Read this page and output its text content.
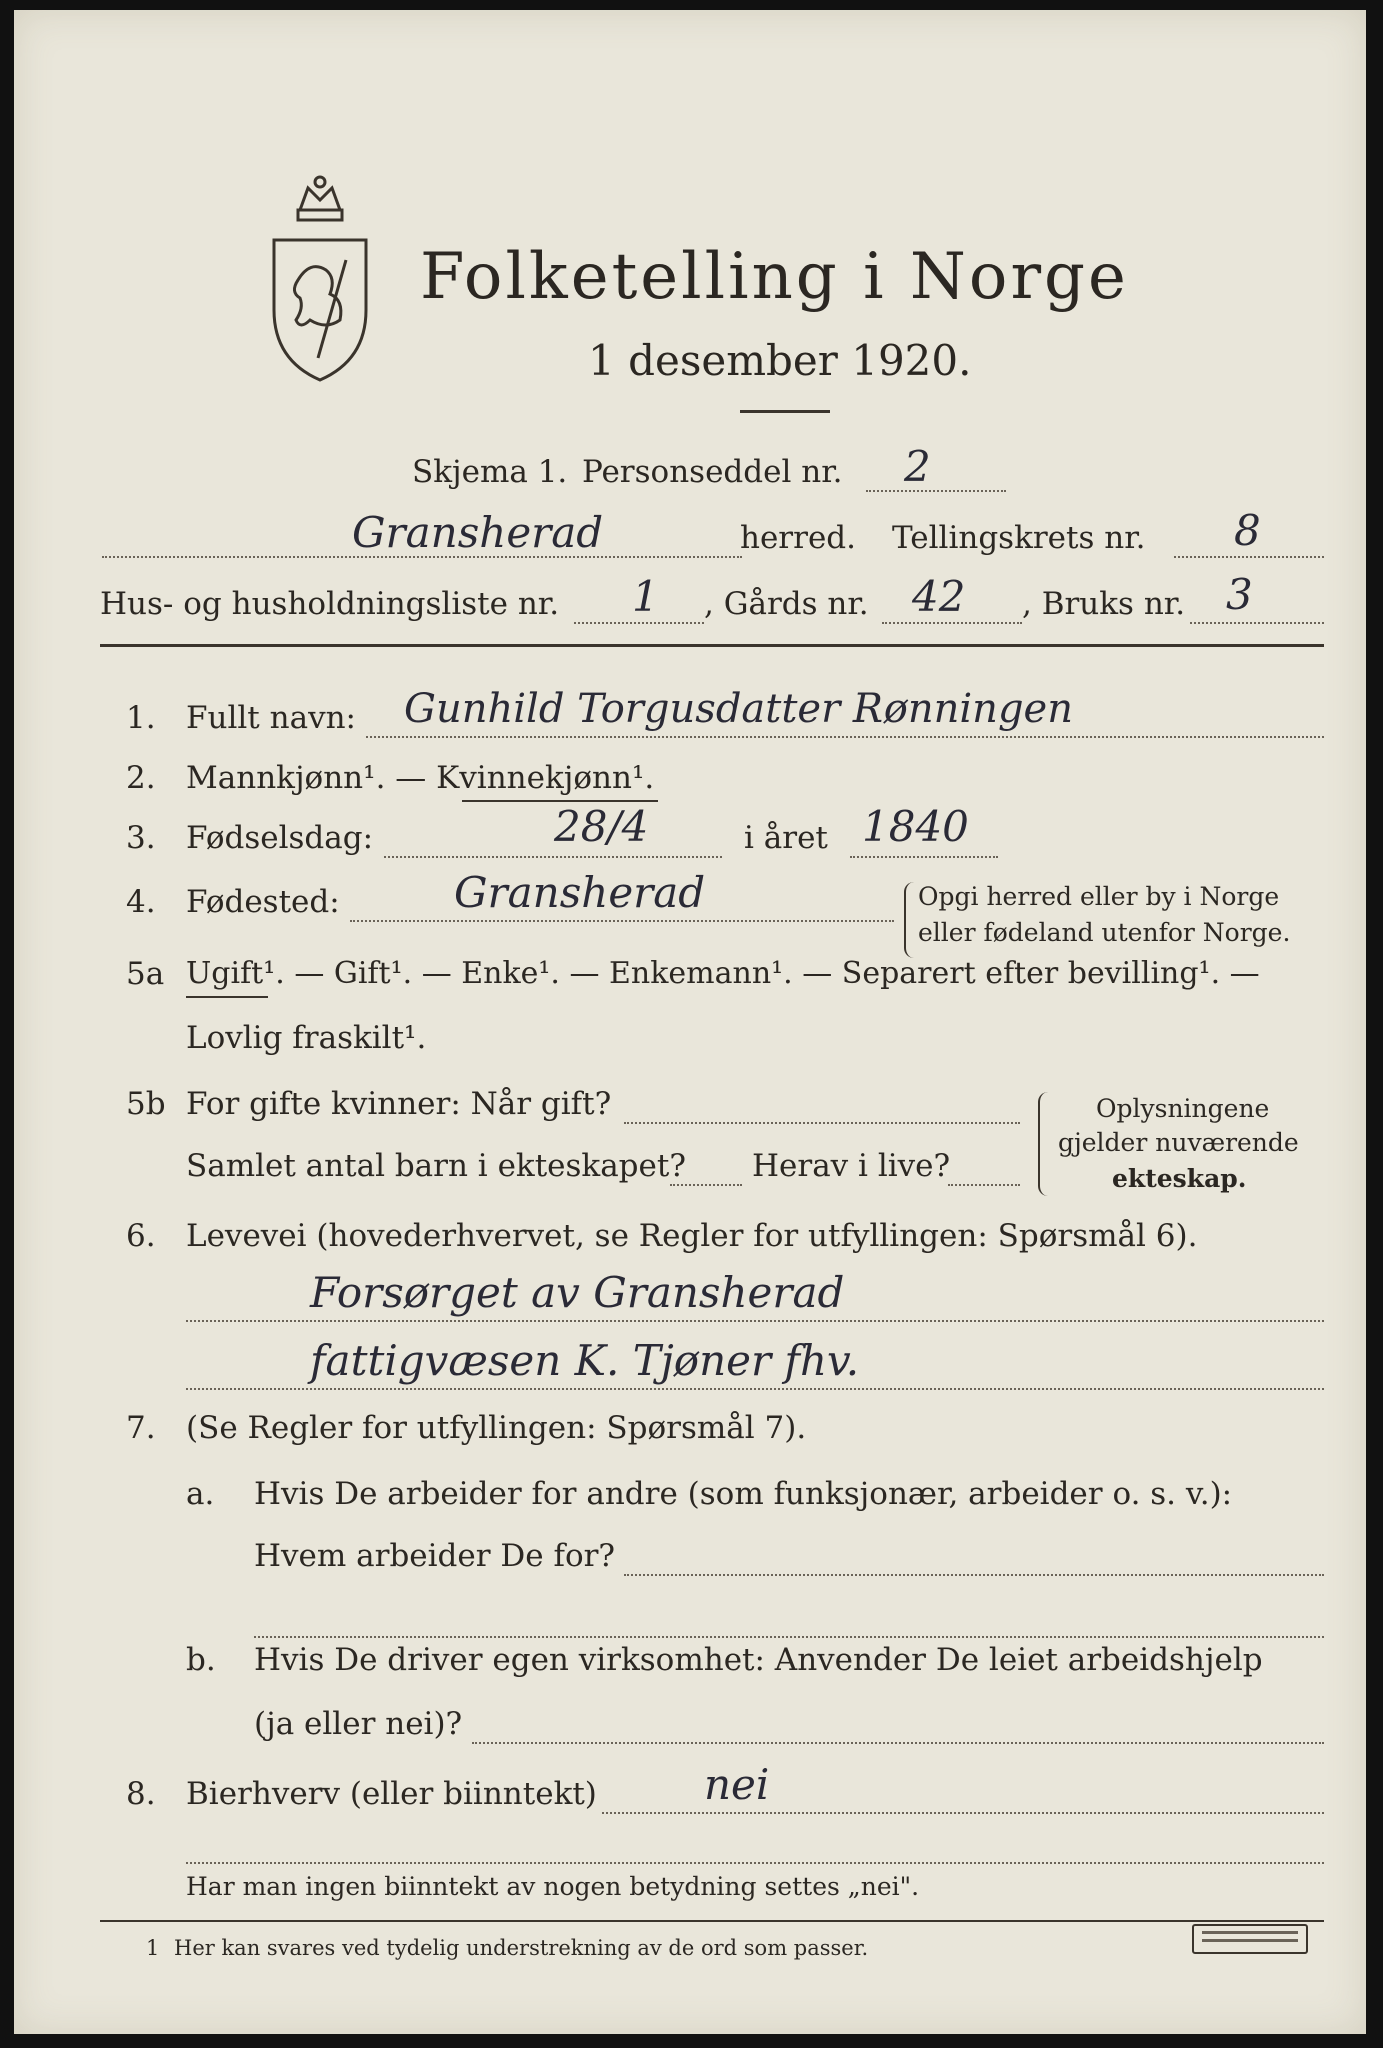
Folketelling i Norge
1 desember 1920.
Skjema 1. Personseddel nr. 2
Gransherad	herred. Tellingskrets nr. 8
Hus- og husholdningsliste nr. 1 , Gårds nr. 42 , Bruks nr. 3
1. Fullt navn: Gunhild Torgusdatter Rønningen
2. Mannkjønn¹. — Kvinnekjønn¹.
3. Fødselsdag:	28/4	i året 1840
4. Fødested:	Gransherad	Opgi herred eller by i Norge
eller fødeland utenfor Norge.
5a Ugift¹. — Gift¹. — Enke¹. — Enkemann¹. — Separert efter bevilling¹. —
Lovlig fraskilt¹.
5b For gifte kvinner: Når gift?
Samlet antal barn i ekteskapet? Herav i live?
Oplysningene
gjelder nuværende
ekteskap.
6. Levevei (hovederhvervet, se Regler for utfyllingen: Spørsmål 6).
Forsørget av Gransherad
fattigvæsen K. Tjøner fhv.
7. (Se Regler for utfyllingen: Spørsmål 7).
a. Hvis De arbeider for andre (som funksjonær, arbeider o. s. v.):
Hvem arbeider De for?
b. Hvis De driver egen virksomhet: Anvender De leiet arbeidshjelp
(ja eller nei)?
8. Bierhverv (eller biinntekt)	nei
Har man ingen biinntekt av nogen betydning settes „nei".
1 Her kan svares ved tydelig understrekning av de ord som passer.
